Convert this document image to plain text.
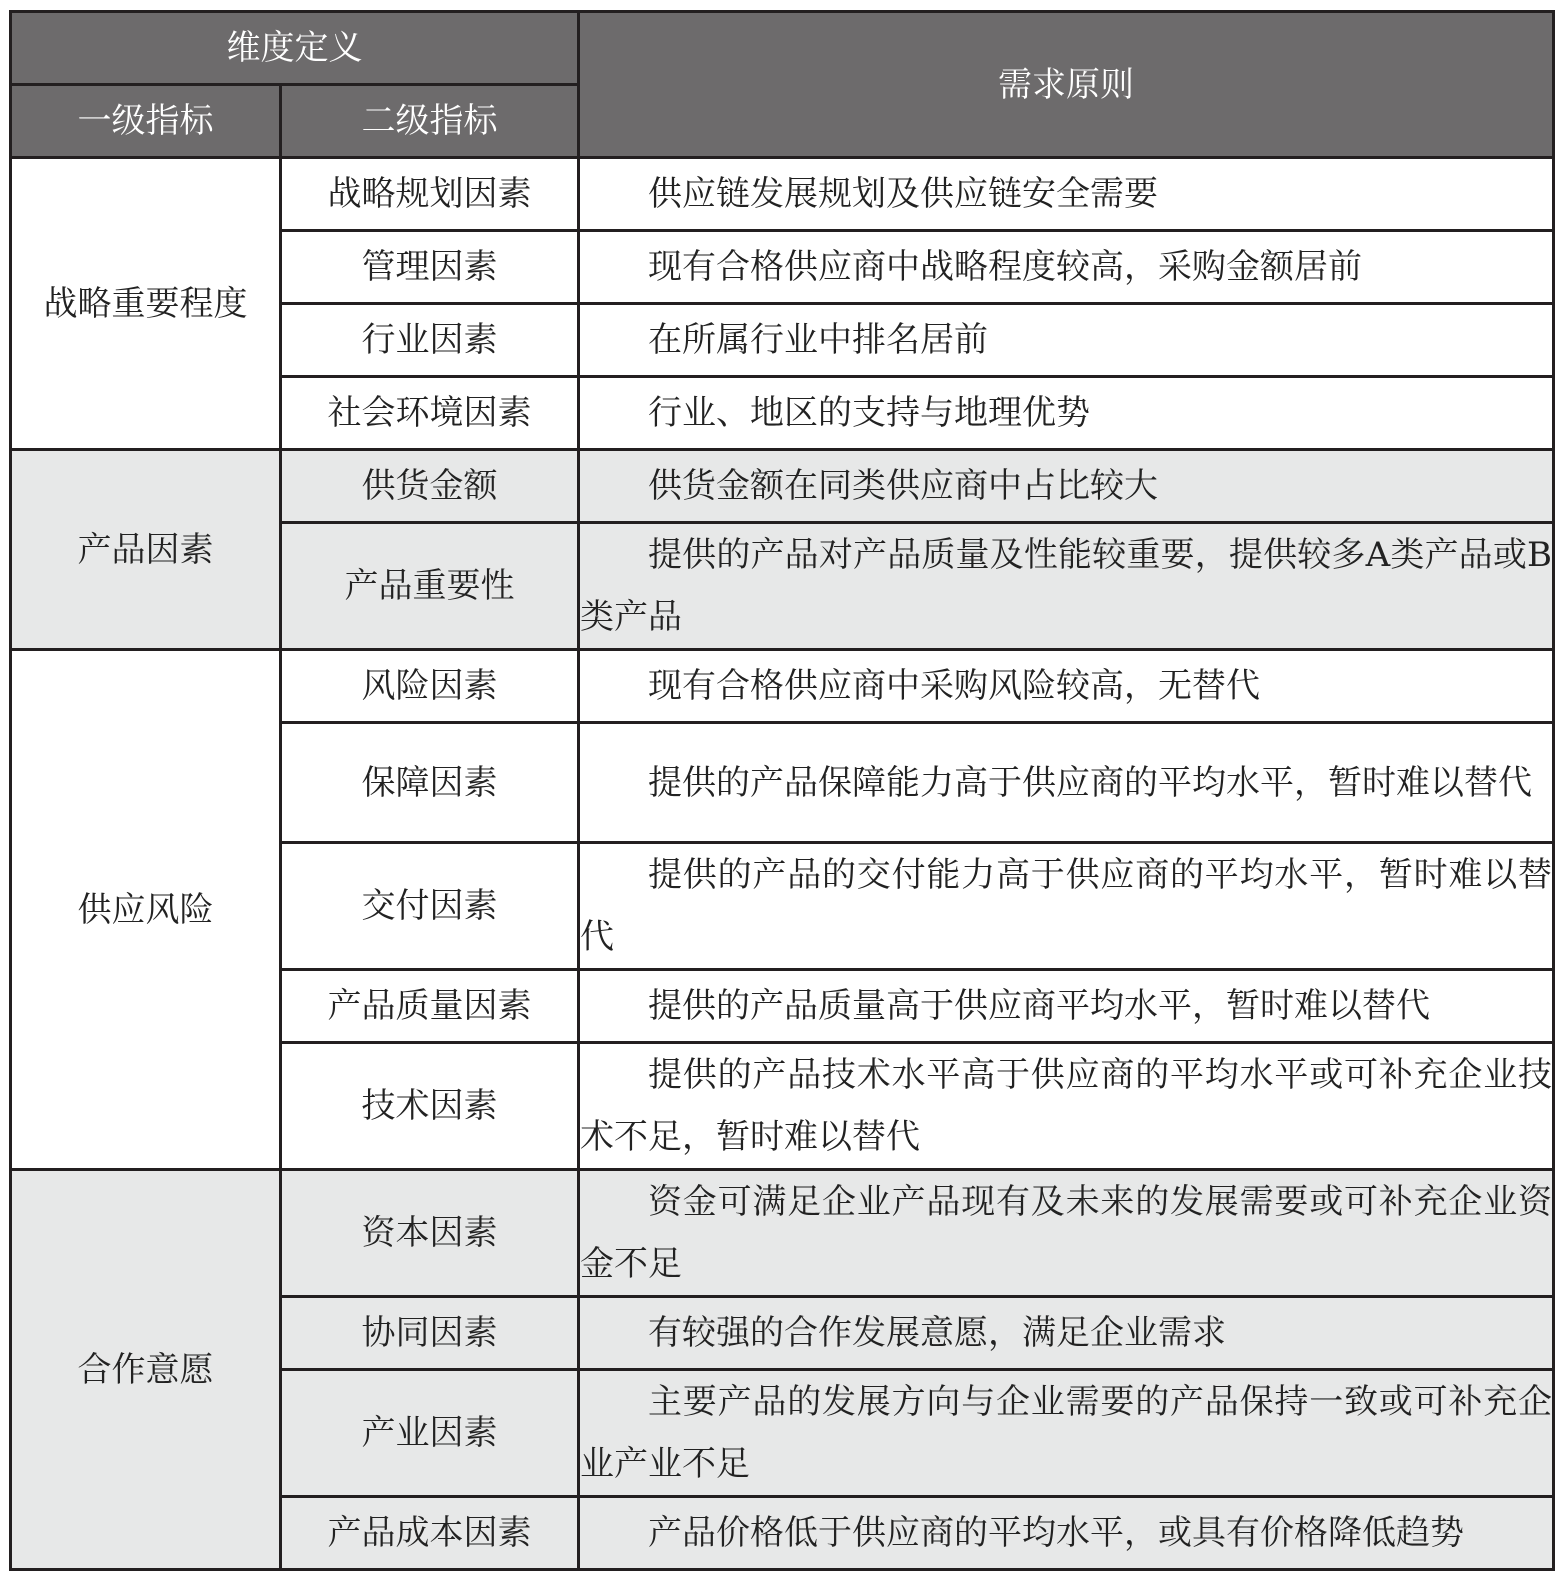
维度定义		需求原则
一级指标	二级指标	
战略重要程度	战略规划因素	供应链发展规划及供应链安全需要
	管理因素	现有合格供应商中战略程度较高，采购金额居前
	行业因素	在所属行业中排名居前
	社会环境因素	行业、地区的支持与地理优势
产品因素	供货金额	供货金额在同类供应商中占比较大
	产品重要性	提供的产品对产品质量及性能较重要，提供较多A类产品或B类产品
供应风险	风险因素	现有合格供应商中采购风险较高，无替代
	保障因素	提供的产品保障能力高于供应商的平均水平，暂时难以替代
	交付因素	提供的产品的交付能力高于供应商的平均水平，暂时难以替代
	产品质量因素	提供的产品质量高于供应商平均水平，暂时难以替代
	技术因素	提供的产品技术水平高于供应商的平均水平或可补充企业技术不足，暂时难以替代
合作意愿	资本因素	资金可满足企业产品现有及未来的发展需要或可补充企业资金不足
	协同因素	有较强的合作发展意愿，满足企业需求
	产业因素	主要产品的发展方向与企业需要的产品保持一致或可补充企业产业不足
	产品成本因素	产品价格低于供应商的平均水平，或具有价格降低趋势
